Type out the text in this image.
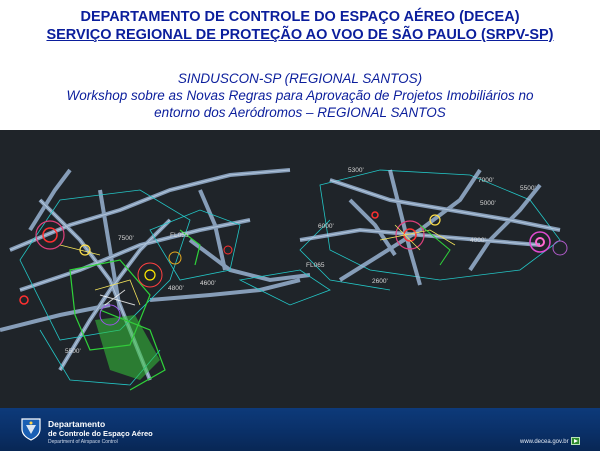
DEPARTAMENTO DE CONTROLE DO ESPAÇO AÉREO (DECEA)
SERVIÇO REGIONAL DE PROTEÇÃO AO VOO DE SÃO PAULO (SRPV-SP)
SINDUSCON-SP (REGIONAL SANTOS)
Workshop sobre as Novas Regras para Aprovação de Projetos Imobiliários no
entorno dos Aeródromos – REGIONAL SANTOS
5300'
7000'
6000'
4800'
2600'
4000'
FL065
5500'
7500'	FL055
4600'
5000'
5500'
Departamento
de Controle do Espaço Aéreo
Department of Airspace Control	www.decea.gov.br
